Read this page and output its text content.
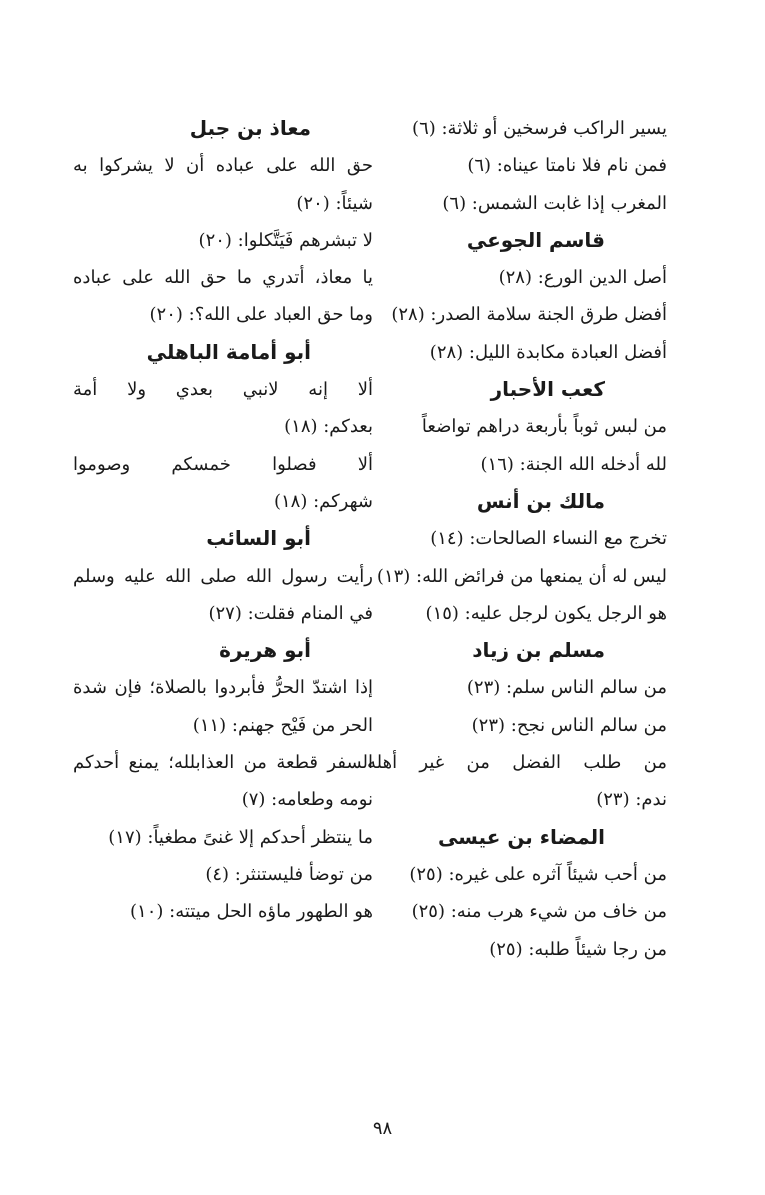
يسير الراكب فرسخين أو ثلاثة: (٦)
فمن نام فلا نامتا عيناه: (٦)
المغرب إذا غابت الشمس: (٦)
قاسم الجوعي
أصل الدين الورع: (٢٨)
أفضل طرق الجنة سلامة الصدر: (٢٨)
أفضل العبادة مكابدة الليل: (٢٨)
كعب الأحبار
من لبس ثوباً بأربعة دراهم تواضعاً
لله أدخله الله الجنة: (١٦)
مالك بن أنس
تخرج مع النساء الصالحات: (١٤)
ليس له أن يمنعها من فرائض الله: (١٣)
هو الرجل يكون لرجل عليه: (١٥)
مسلم بن زياد
من سالم الناس سلم: (٢٣)
من سالم الناس نجح: (٢٣)
من طلب الفضل من غير أهله
ندم: (٢٣)
المضاء بن عيسى
من أحب شيئاً آثره على غيره: (٢٥)
من خاف من شيء هرب منه: (٢٥)
من رجا شيئاً طلبه: (٢٥)
معاذ بن جبل
حق الله على عباده أن لا يشركوا به
شيئاً: (٢٠)
لا تبشرهم فَيَتَّكلوا: (٢٠)
يا معاذ، أتدري ما حق الله على عباده
وما حق العباد على الله؟: (٢٠)
أبو أمامة الباهلي
ألا إنه لانبي بعدي ولا أمة
بعدكم: (١٨)
ألا فصلوا خمسكم وصوموا
شهركم: (١٨)
أبو السائب
رأيت رسول الله صلى الله عليه وسلم
في المنام فقلت: (٢٧)
أبو هريرة
إذا اشتدّ الحرُّ فأبردوا بالصلاة؛ فإن شدة
الحر من فَيْح جهنم: (١١)
السفر قطعة من العذابلله؛ يمنع أحدكم
نومه وطعامه: (٧)
ما ينتظر أحدكم إلا غنىً مطغياً: (١٧)
من توضأ فليستنثر: (٤)
هو الطهور ماؤه الحل ميتته: (١٠)
٩٨
